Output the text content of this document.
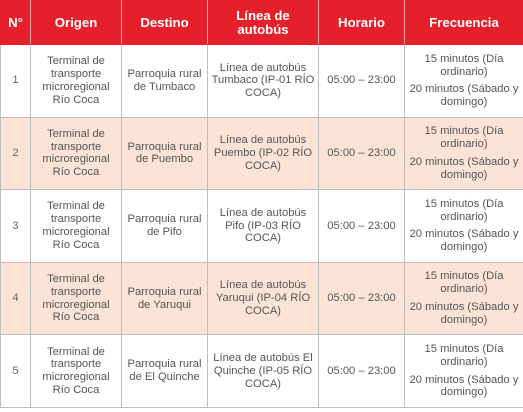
N°	Origen	Destino	Línea de autobús	Horario	Frecuencia
1	Terminal de transporte microregional Río Coca	Parroquia rural de Tumbaco	Línea de autobús Tumbaco (IP-01 RÍO COCA)	05:00 – 23:00	15 minutos (Día ordinario)
20 minutos (Sábado y domingo)

2	Terminal de transporte microregional Río Coca	Parroquia rural de Puembo	Línea de autobús Puembo (IP-02 RÍO COCA)	05:00 – 23:00	15 minutos (Día ordinario)
20 minutos (Sábado y domingo)

3	Terminal de transporte microregional Río Coca	Parroquia rural de Pifo	Línea de autobús Pifo (IP-03 RÍO COCA)	05:00 – 23:00	15 minutos (Día ordinario)
20 minutos (Sábado y domingo)

4	Terminal de transporte microregional Río Coca	Parroquia rural de Yaruqui	Línea de autobús Yaruqui (IP-04 RÍO COCA)	05:00 – 23:00	15 minutos (Día ordinario)
20 minutos (Sábado y domingo)

5	Terminal de transporte microregional Río Coca	Parroquia rural de El Quinche	Línea de autobús El Quinche (IP-05 RÍO COCA)	05:00 – 23:00	15 minutos (Día ordinario)
20 minutos (Sábado y domingo)
